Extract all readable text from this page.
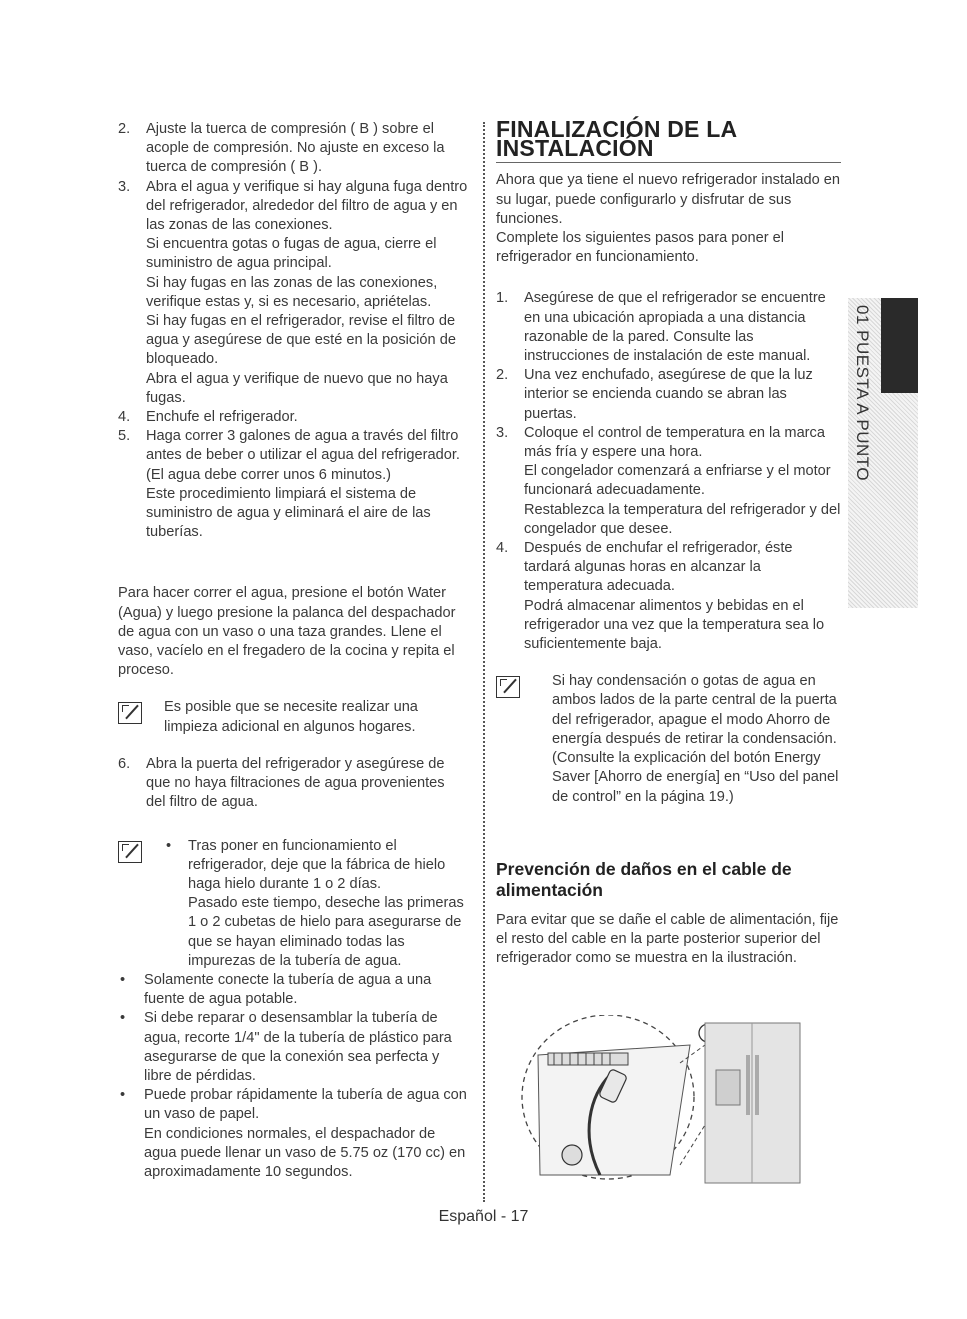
2.	Ajuste la tuerca de compresión ( B ) sobre el acople de compresión. No ajuste en exceso la tuerca de compresión ( B ).
3.	Abra el agua y verifique si hay alguna fuga dentro del refrigerador, alrededor del filtro de agua y en las zonas de las conexiones.

Si encuentra gotas o fugas de agua, cierre el suministro de agua principal.

Si hay fugas en las zonas de las conexiones, verifique estas y, si es necesario, apriételas.

Si hay fugas en el refrigerador, revise el filtro de agua y asegúrese de que esté en la posición de bloqueado.

Abra el agua y verifique de nuevo que no haya fugas.

4.	Enchufe el refrigerador.
5.	Haga correr 3 galones de agua a través del filtro antes de beber o utilizar el agua del refrigerador. (El agua debe correr unos 6 minutos.)

Este procedimiento limpiará el sistema de suministro de agua y eliminará el aire de las tuberías.

Para hacer correr el agua, presione el botón Water (Agua) y luego presione la palanca del despachador de agua con un vaso o una taza grandes. Llene el vaso, vacíelo en el fregadero de la cocina y repita el proceso.

Es posible que se necesite realizar una limpieza adicional en algunos hogares.

6.	Abra la puerta del refrigerador y asegúrese de que no haya filtraciones de agua provenientes del filtro de agua.
•	Tras poner en funcionamiento el refrigerador, deje que la fábrica de hielo haga hielo durante 1 o 2 días.

Pasado este tiempo, deseche las primeras 1 o 2 cubetas de hielo para asegurarse de que se hayan eliminado todas las impurezas de la tubería de agua.

•	Solamente conecte la tubería de agua a una fuente de agua potable.
•	Si debe reparar o desensamblar la tubería de agua, recorte 1/4" de la tubería de plástico para asegurarse de que la conexión sea perfecta y libre de pérdidas.
•	Puede probar rápidamente la tubería de agua con un vaso de papel.

En condiciones normales, el despachador de agua puede llenar un vaso de 5.75 oz (170 cc) en aproximadamente 10 segundos.

FINALIZACIÓN DE LA INSTALACIÓN

Ahora que ya tiene el nuevo refrigerador instalado en su lugar, puede configurarlo y disfrutar de sus funciones.

Complete los siguientes pasos para poner el refrigerador en funcionamiento.

1.	Asegúrese de que el refrigerador se encuentre en una ubicación apropiada a una distancia razonable de la pared. Consulte las instrucciones de instalación de este manual.
2.	Una vez enchufado, asegúrese de que la luz interior se encienda cuando se abran las puertas.
3.	Coloque el control de temperatura en la marca más fría y espere una hora.

El congelador comenzará a enfriarse y el motor funcionará adecuadamente.

Restablezca la temperatura del refrigerador y del congelador que desee.

4.	Después de enchufar el refrigerador, éste tardará algunas horas en alcanzar la temperatura adecuada.

Podrá almacenar alimentos y bebidas en el refrigerador una vez que la temperatura sea lo suficientemente baja.

Si hay condensación o gotas de agua en ambos lados de la parte central de la puerta del refrigerador, apague el modo Ahorro de energía después de retirar la condensación.

(Consulte la explicación del botón Energy Saver [Ahorro de energía] en “Uso del panel de control” en la página 19.)

Prevención de daños en el cable de alimentación

Para evitar que se dañe el cable de alimentación, fije el resto del cable en la parte posterior superior del refrigerador como se muestra en la ilustración.

01 PUESTA A PUNTO
Español - 17
